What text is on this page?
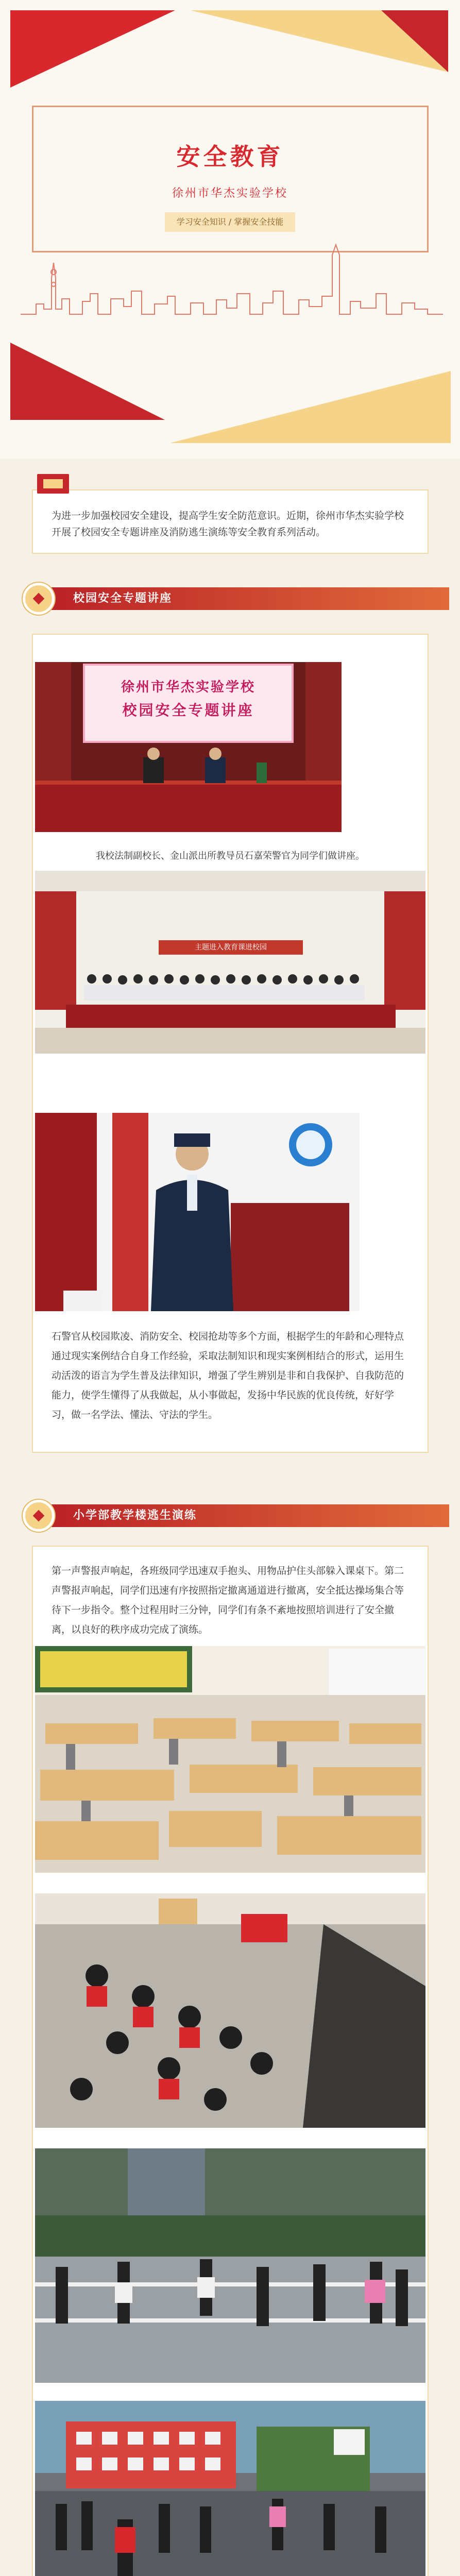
安全教育
徐州市华杰实验学校
学习安全知识 / 掌握安全技能
为进一步加强校园安全建设，提高学生安全防范意识。近期，徐州市华杰实验学校开展了校园安全专题讲座及消防逃生演练等安全教育系列活动。
校园安全专题讲座
徐州市华杰实验学校
校园安全专题讲座
我校法制副校长、金山派出所教导员石嘉荣警官为同学们做讲座。
主题进入教育课进校园
石警官从校园欺凌、消防安全、校园抢劫等多个方面，根据学生的年龄和心理特点通过现实案例结合自身工作经验，采取法制知识和现实案例相结合的形式，运用生动活泼的语言为学生普及法律知识，增强了学生辨别是非和自我保护、自我防范的能力，使学生懂得了从我做起，从小事做起，发扬中华民族的优良传统，好好学习，做一名学法、懂法、守法的学生。
小学部教学楼逃生演练
第一声警报声响起，各班级同学迅速双手抱头、用物品护住头部躲入课桌下。第二声警报声响起，同学们迅速有序按照指定撤离通道进行撤离，安全抵达操场集合等待下一步指令。整个过程用时三分钟，同学们有条不紊地按照培训进行了安全撤离，以良好的秩序成功完成了演练。
